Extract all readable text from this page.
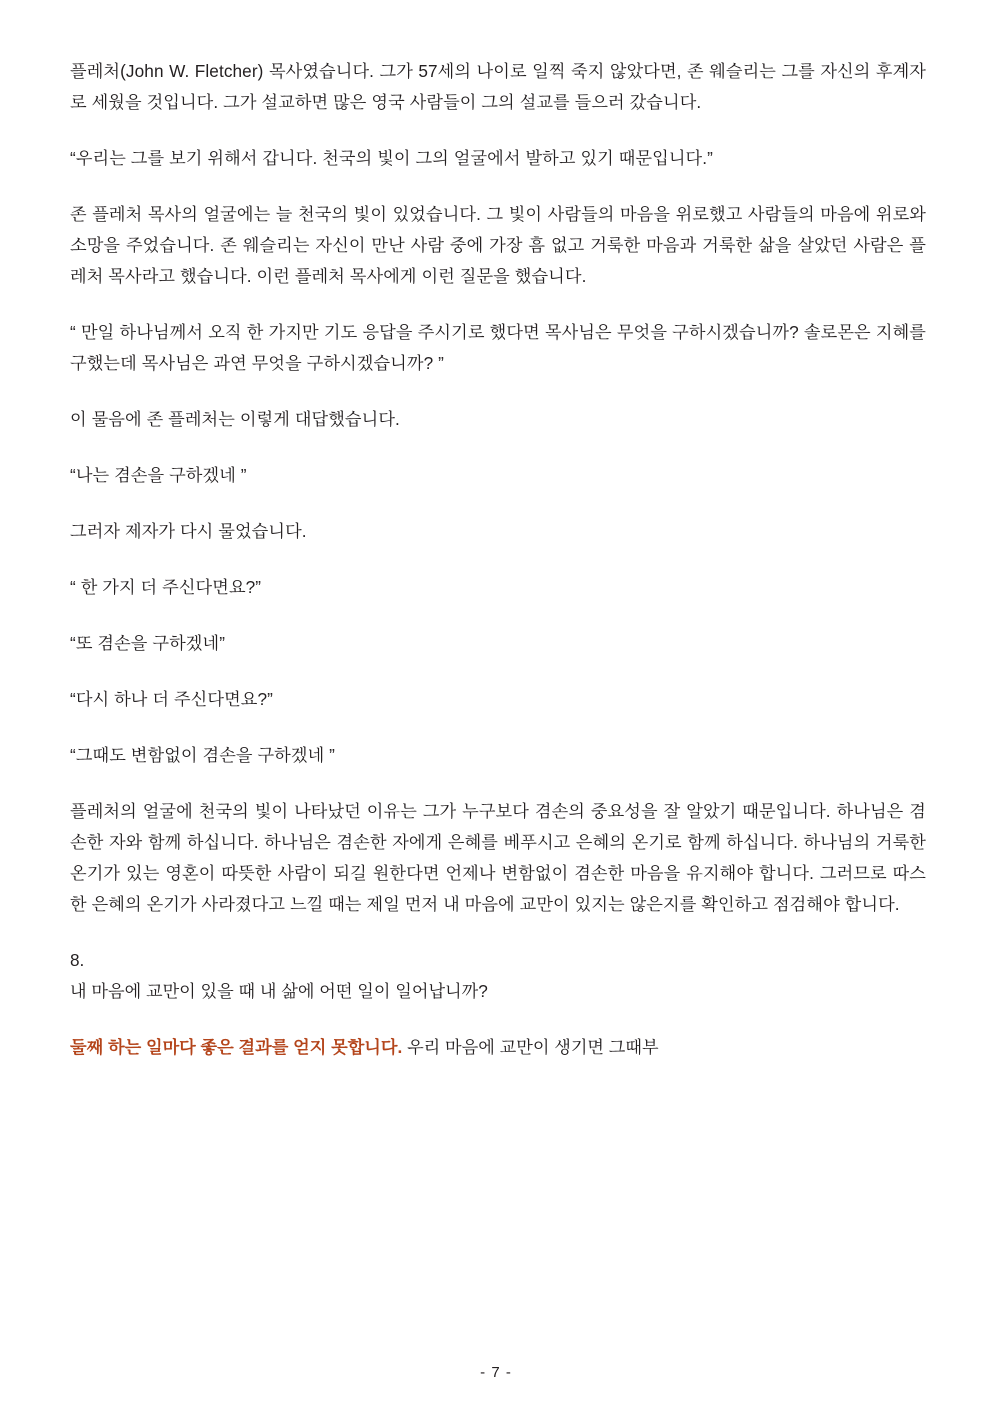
플레처(John W. Fletcher) 목사였습니다. 그가 57세의 나이로 일찍 죽지 않았다면, 존 웨슬리는 그를 자신의 후계자로 세웠을 것입니다. 그가 설교하면 많은 영국 사람들이 그의 설교를 들으러 갔습니다.

“우리는 그를 보기 위해서 갑니다. 천국의 빛이 그의 얼굴에서 발하고 있기 때문입니다.”

존 플레처 목사의 얼굴에는 늘 천국의 빛이 있었습니다. 그 빛이 사람들의 마음을 위로했고 사람들의 마음에 위로와 소망을 주었습니다. 존 웨슬리는 자신이 만난 사람 중에 가장 흠 없고 거룩한 마음과 거룩한 삶을 살았던 사람은 플레처 목사라고 했습니다. 이런 플레처 목사에게 이런 질문을 했습니다.

“ 만일 하나님께서 오직 한 가지만 기도 응답을 주시기로 했다면 목사님은 무엇을 구하시겠습니까? 솔로몬은 지혜를 구했는데 목사님은 과연 무엇을 구하시겠습니까? ”

이 물음에 존 플레처는 이렇게 대답했습니다.

“나는 겸손을 구하겠네 ”

그러자 제자가 다시 물었습니다.

“ 한 가지 더 주신다면요?”

“또 겸손을 구하겠네”

“다시 하나 더 주신다면요?”

“그때도 변함없이 겸손을 구하겠네 ”

플레처의 얼굴에 천국의 빛이 나타났던 이유는 그가 누구보다 겸손의 중요성을 잘 알았기 때문입니다. 하나님은 겸손한 자와 함께 하십니다. 하나님은 겸손한 자에게 은혜를 베푸시고 은혜의 온기로 함께 하십니다. 하나님의 거룩한 온기가 있는 영혼이 따뜻한 사람이 되길 원한다면 언제나 변함없이 겸손한 마음을 유지해야 합니다. 그러므로 따스한 은혜의 온기가 사라졌다고 느낄 때는 제일 먼저 내 마음에 교만이 있지는 않은지를 확인하고 점검해야 합니다.

8.

내 마음에 교만이 있을 때 내 삶에 어떤 일이 일어납니까?

둘째 하는 일마다 좋은 결과를 얻지 못합니다. 우리 마음에 교만이 생기면 그때부

- 7 -
